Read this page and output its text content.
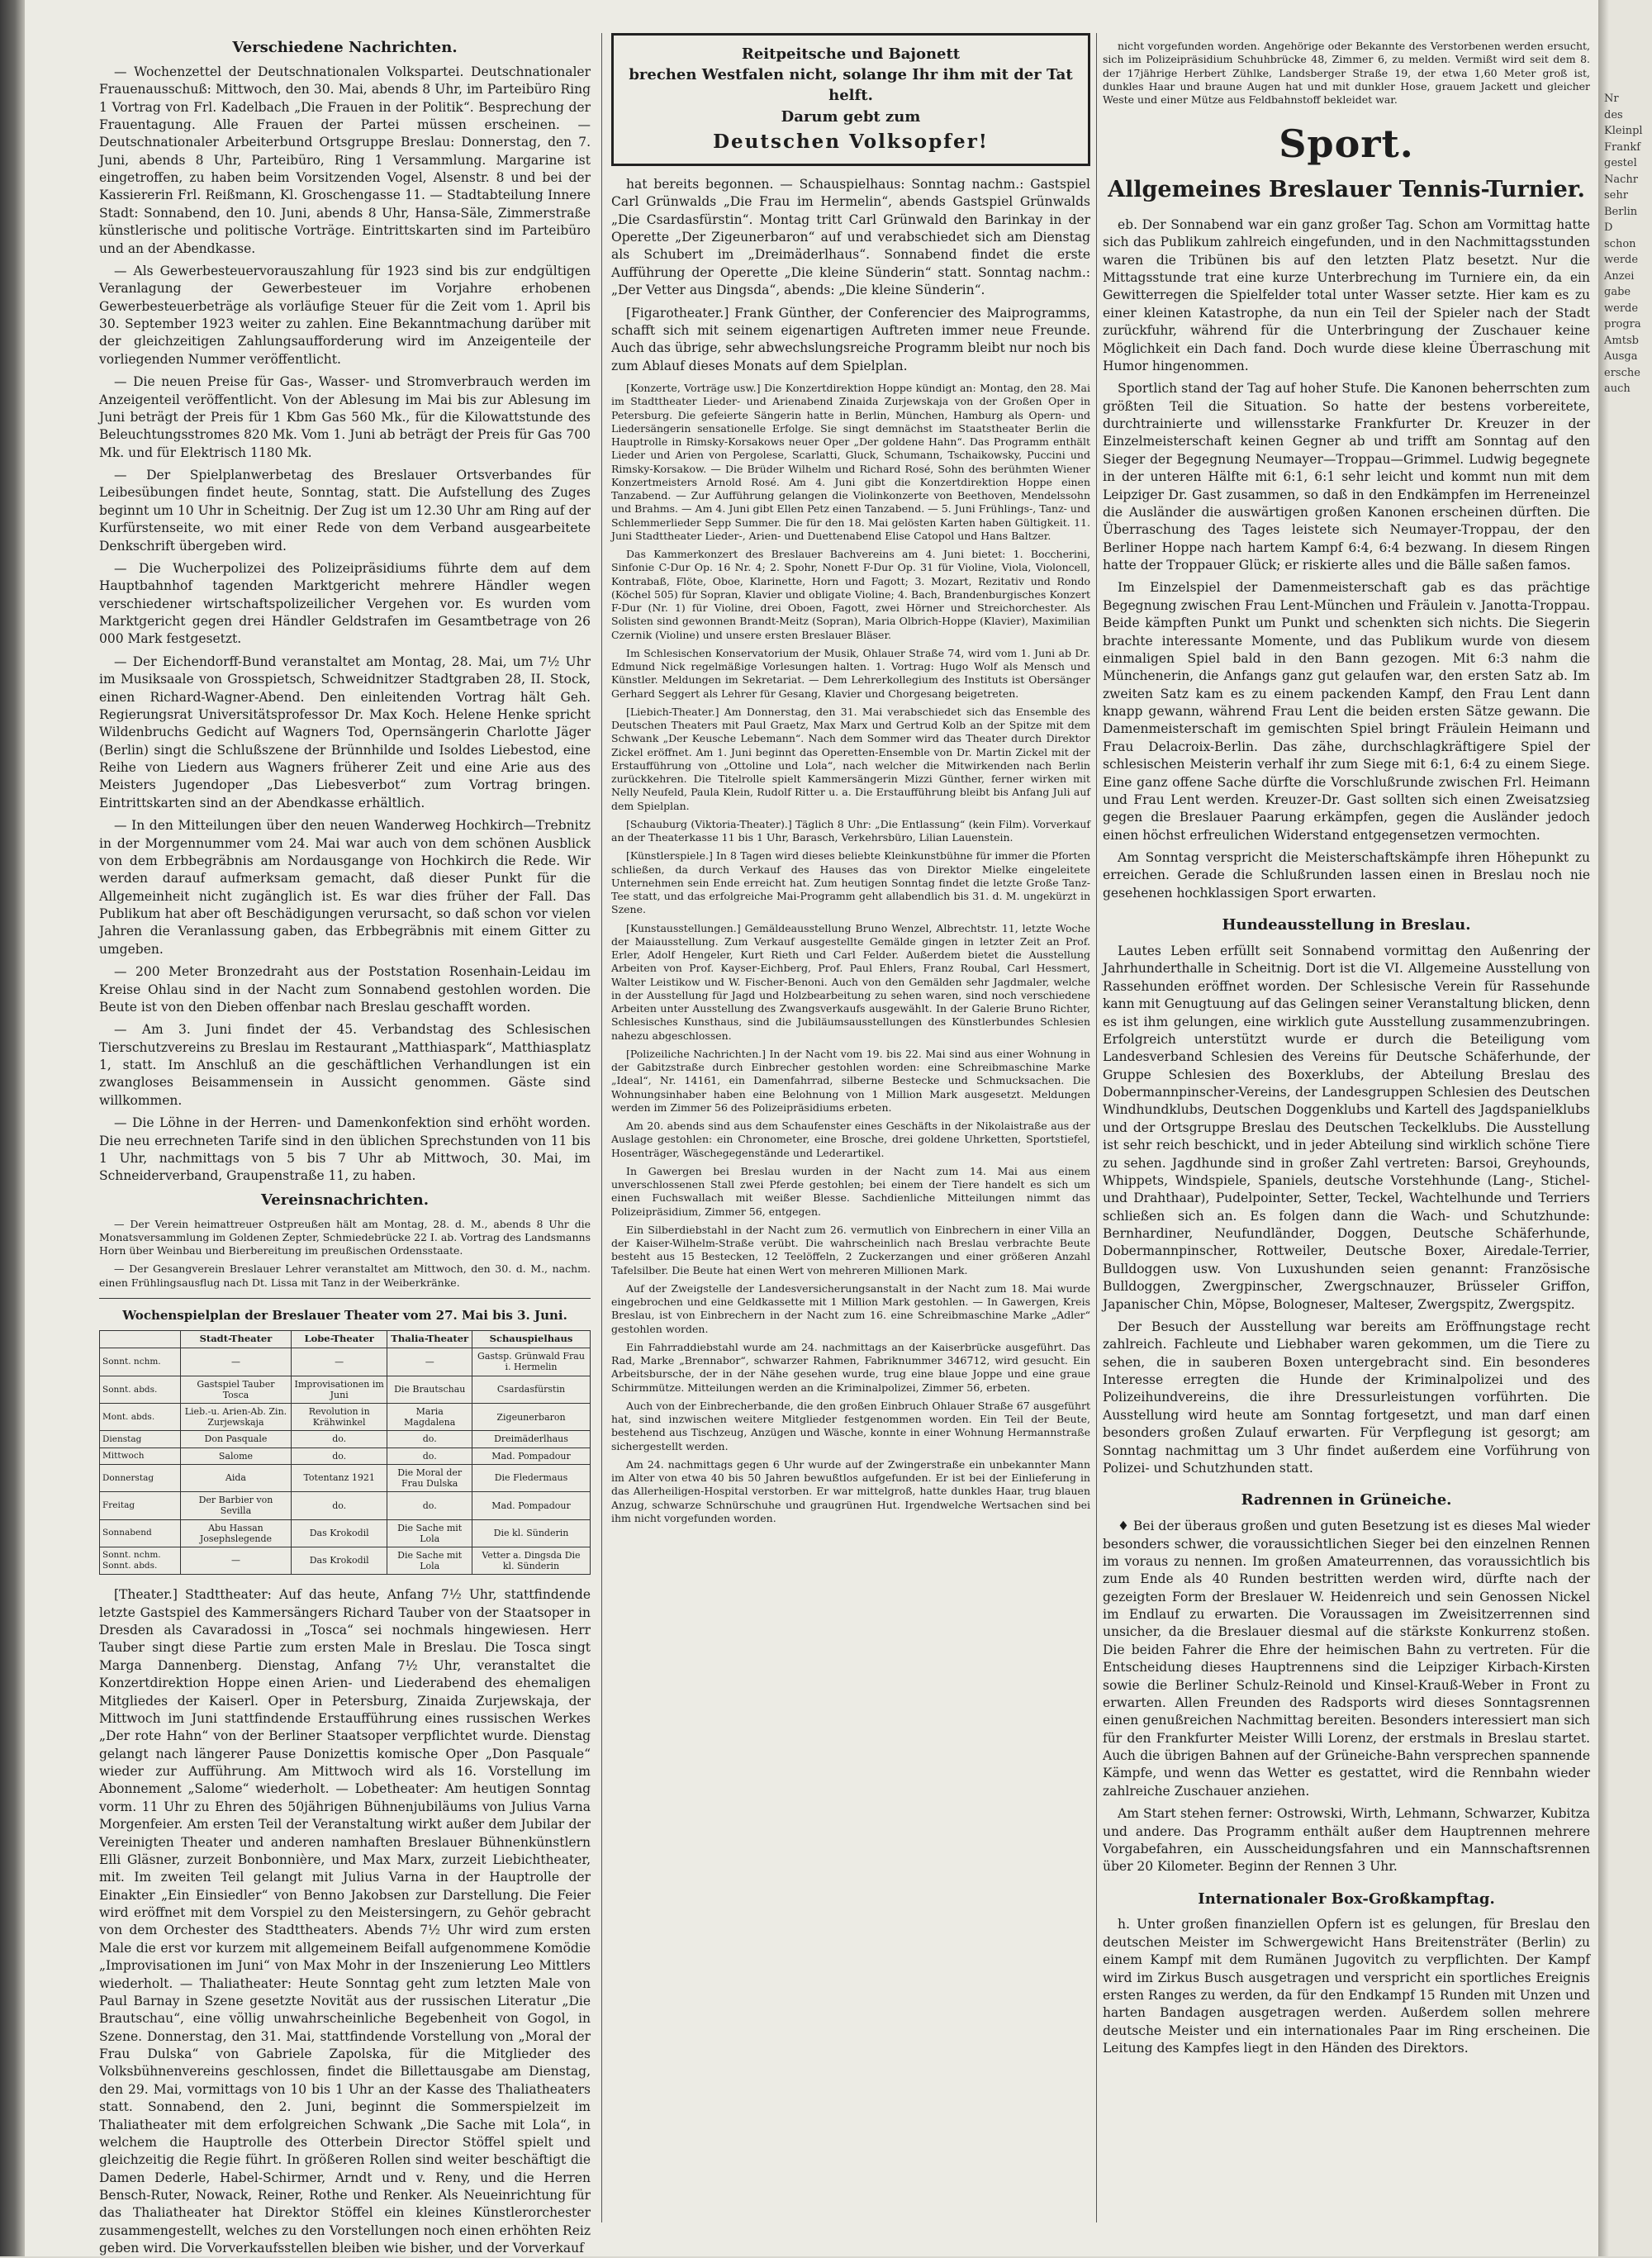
Verschiedene Nachrichten.

— Wochenzettel der Deutschnationalen Volkspartei. Deutschnationaler Frauenausschuß: Mittwoch, den 30. Mai, abends 8 Uhr, im Parteibüro Ring 1 Vortrag von Frl. Kadelbach „Die Frauen in der Politik“. Besprechung der Frauentagung. Alle Frauen der Partei müssen erscheinen. — Deutschnationaler Arbeiterbund Ortsgruppe Breslau: Donnerstag, den 7. Juni, abends 8 Uhr, Parteibüro, Ring 1 Versammlung. Margarine ist eingetroffen, zu haben beim Vorsitzenden Vogel, Alsenstr. 8 und bei der Kassiererin Frl. Reißmann, Kl. Groschengasse 11. — Stadtabteilung Innere Stadt: Sonnabend, den 10. Juni, abends 8 Uhr, Hansa-Säle, Zimmerstraße künstlerische und politische Vorträge. Eintrittskarten sind im Parteibüro und an der Abendkasse.

— Als Gewerbesteuervorauszahlung für 1923 sind bis zur endgültigen Veranlagung der Gewerbesteuer im Vorjahre erhobenen Gewerbesteuerbeträge als vorläufige Steuer für die Zeit vom 1. April bis 30. September 1923 weiter zu zahlen. Eine Bekanntmachung darüber mit der gleichzeitigen Zahlungsaufforderung wird im Anzeigenteile der vorliegenden Nummer veröffentlicht.

— Die neuen Preise für Gas-, Wasser- und Stromverbrauch werden im Anzeigenteil veröffentlicht. Von der Ablesung im Mai bis zur Ablesung im Juni beträgt der Preis für 1 Kbm Gas 560 Mk., für die Kilowattstunde des Beleuchtungsstromes 820 Mk. Vom 1. Juni ab beträgt der Preis für Gas 700 Mk. und für Elektrisch 1180 Mk.

— Der Spielplanwerbetag des Breslauer Ortsverbandes für Leibesübungen findet heute, Sonntag, statt. Die Aufstellung des Zuges beginnt um 10 Uhr in Scheitnig. Der Zug ist um 12.30 Uhr am Ring auf der Kurfürstenseite, wo mit einer Rede von dem Verband ausgearbeitete Denkschrift übergeben wird.

— Die Wucherpolizei des Polizeipräsidiums führte dem auf dem Hauptbahnhof tagenden Marktgericht mehrere Händler wegen verschiedener wirtschaftspolizeilicher Vergehen vor. Es wurden vom Marktgericht gegen drei Händler Geldstrafen im Gesamtbetrage von 26 000 Mark festgesetzt.

— Der Eichendorff-Bund veranstaltet am Montag, 28. Mai, um 7½ Uhr im Musiksaale von Grosspietsch, Schweidnitzer Stadtgraben 28, II. Stock, einen Richard-Wagner-Abend. Den einleitenden Vortrag hält Geh. Regierungsrat Universitätsprofessor Dr. Max Koch. Helene Henke spricht Wildenbruchs Gedicht auf Wagners Tod, Opernsängerin Charlotte Jäger (Berlin) singt die Schlußszene der Brünnhilde und Isoldes Liebestod, eine Reihe von Liedern aus Wagners früherer Zeit und eine Arie aus des Meisters Jugendoper „Das Liebesverbot“ zum Vortrag bringen. Eintrittskarten sind an der Abendkasse erhältlich.

— In den Mitteilungen über den neuen Wanderweg Hochkirch—Trebnitz in der Morgennummer vom 24. Mai war auch von dem schönen Ausblick von dem Erbbegräbnis am Nordausgange von Hochkirch die Rede. Wir werden darauf aufmerksam gemacht, daß dieser Punkt für die Allgemeinheit nicht zugänglich ist. Es war dies früher der Fall. Das Publikum hat aber oft Beschädigungen verursacht, so daß schon vor vielen Jahren die Veranlassung gaben, das Erbbegräbnis mit einem Gitter zu umgeben.

— 200 Meter Bronzedraht aus der Poststation Rosenhain-Leidau im Kreise Ohlau sind in der Nacht zum Sonnabend gestohlen worden. Die Beute ist von den Dieben offenbar nach Breslau geschafft worden.

— Am 3. Juni findet der 45. Verbandstag des Schlesischen Tierschutzvereins zu Breslau im Restaurant „Matthiaspark“, Matthiasplatz 1, statt. Im Anschluß an die geschäftlichen Verhandlungen ist ein zwangloses Beisammensein in Aussicht genommen. Gäste sind willkommen.

— Die Löhne in der Herren- und Damenkonfektion sind erhöht worden. Die neu errechneten Tarife sind in den üblichen Sprechstunden von 11 bis 1 Uhr, nachmittags von 5 bis 7 Uhr ab Mittwoch, 30. Mai, im Schneiderverband, Graupenstraße 11, zu haben.

Vereinsnachrichten.

— Der Verein heimattreuer Ostpreußen hält am Montag, 28. d. M., abends 8 Uhr die Monatsversammlung im Goldenen Zepter, Schmiedebrücke 22 I. ab. Vortrag des Landsmanns Horn über Weinbau und Bierbereitung im preußischen Ordensstaate.

— Der Gesangverein Breslauer Lehrer veranstaltet am Mittwoch, den 30. d. M., nachm. einen Frühlingsausflug nach Dt. Lissa mit Tanz in der Weiberkränke.

Wochenspielplan der Breslauer Theater vom 27. Mai bis 3. Juni.
	Stadt-Theater	Lobe-Theater	Thalia-Theater	Schauspielhaus
Sonnt. nchm.	—	—	—	Gastsp. Grünwald Frau i. Hermelin
Sonnt. abds.	Gastspiel Tauber Tosca	Improvisationen im Juni	Die Brautschau	Csardasfürstin
Mont. abds.	Lieb.-u. Arien-Ab. Zin. Zurjewskaja	Revolution in Krähwinkel	Maria Magdalena	Zigeunerbaron
Dienstag	Don Pasquale	do.	do.	Dreimäderlhaus
Mittwoch	Salome	do.	do.	Mad. Pompadour
Donnerstag	Aida	Totentanz 1921	Die Moral der Frau Dulska	Die Fledermaus
Freitag	Der Barbier von Sevilla	do.	do.	Mad. Pompadour
Sonnabend	Abu Hassan Josephslegende	Das Krokodil	Die Sache mit Lola	Die kl. Sünderin
Sonnt. nchm. Sonnt. abds.	—	Das Krokodil	Die Sache mit Lola	Vetter a. Dingsda Die kl. Sünderin

[Theater.] Stadttheater: Auf das heute, Anfang 7½ Uhr, stattfindende letzte Gastspiel des Kammersängers Richard Tauber von der Staatsoper in Dresden als Cavaradossi in „Tosca“ sei nochmals hingewiesen. Herr Tauber singt diese Partie zum ersten Male in Breslau. Die Tosca singt Marga Dannenberg. Dienstag, Anfang 7½ Uhr, veranstaltet die Konzertdirektion Hoppe einen Arien- und Liederabend des ehemaligen Mitgliedes der Kaiserl. Oper in Petersburg, Zinaida Zurjewskaja, der Mittwoch im Juni stattfindende Erstaufführung eines russischen Werkes „Der rote Hahn“ von der Berliner Staatsoper verpflichtet wurde. Dienstag gelangt nach längerer Pause Donizettis komische Oper „Don Pasquale“ wieder zur Aufführung. Am Mittwoch wird als 16. Vorstellung im Abonnement „Salome“ wiederholt. — Lobetheater: Am heutigen Sonntag vorm. 11 Uhr zu Ehren des 50jährigen Bühnenjubiläums von Julius Varna Morgenfeier. Am ersten Teil der Veranstaltung wirkt außer dem Jubilar der Vereinigten Theater und anderen namhaften Breslauer Bühnenkünstlern Elli Gläsner, zurzeit Bonbonnière, und Max Marx, zurzeit Liebichtheater, mit. Im zweiten Teil gelangt mit Julius Varna in der Hauptrolle der Einakter „Ein Einsiedler“ von Benno Jakobsen zur Darstellung. Die Feier wird eröffnet mit dem Vorspiel zu den Meistersingern, zu Gehör gebracht von dem Orchester des Stadttheaters. Abends 7½ Uhr wird zum ersten Male die erst vor kurzem mit allgemeinem Beifall aufgenommene Komödie „Improvisationen im Juni“ von Max Mohr in der Inszenierung Leo Mittlers wiederholt. — Thaliatheater: Heute Sonntag geht zum letzten Male von Paul Barnay in Szene gesetzte Novität aus der russischen Literatur „Die Brautschau“, eine völlig unwahrscheinliche Begebenheit von Gogol, in Szene. Donnerstag, den 31. Mai, stattfindende Vorstellung von „Moral der Frau Dulska“ von Gabriele Zapolska, für die Mitglieder des Volksbühnenvereins geschlossen, findet die Billettausgabe am Dienstag, den 29. Mai, vormittags von 10 bis 1 Uhr an der Kasse des Thaliatheaters statt. Sonnabend, den 2. Juni, beginnt die Sommerspielzeit im Thaliatheater mit dem erfolgreichen Schwank „Die Sache mit Lola“, in welchem die Hauptrolle des Otterbein Director Stöffel spielt und gleichzeitig die Regie führt. In größeren Rollen sind weiter beschäftigt die Damen Dederle, Habel-Schirmer, Arndt und v. Reny, und die Herren Bensch-Ruter, Nowack, Reiner, Rothe und Renker. Als Neueinrichtung für das Thaliatheater hat Direktor Stöffel ein kleines Künstlerorchester zusammengestellt, welches zu den Vorstellungen noch einen erhöhten Reiz geben wird. Die Vorverkaufsstellen bleiben wie bisher, und der Vorverkauf

Reitpeitsche und Bajonett
brechen Westfalen nicht, solange Ihr ihm mit der Tat helft.
Darum gebt zum
Deutschen Volksopfer!

hat bereits begonnen. — Schauspielhaus: Sonntag nachm.: Gastspiel Carl Grünwalds „Die Frau im Hermelin“, abends Gastspiel Grünwalds „Die Csardasfürstin“. Montag tritt Carl Grünwald den Barinkay in der Operette „Der Zigeunerbaron“ auf und verabschiedet sich am Dienstag als Schubert im „Dreimäderlhaus“. Sonnabend findet die erste Aufführung der Operette „Die kleine Sünderin“ statt. Sonntag nachm.: „Der Vetter aus Dingsda“, abends: „Die kleine Sünderin“.

[Figarotheater.] Frank Günther, der Conferencier des Maiprogramms, schafft sich mit seinem eigenartigen Auftreten immer neue Freunde. Auch das übrige, sehr abwechslungsreiche Programm bleibt nur noch bis zum Ablauf dieses Monats auf dem Spielplan.

[Konzerte, Vorträge usw.] Die Konzertdirektion Hoppe kündigt an: Montag, den 28. Mai im Stadttheater Lieder- und Arienabend Zinaida Zurjewskaja von der Großen Oper in Petersburg. Die gefeierte Sängerin hatte in Berlin, München, Hamburg als Opern- und Liedersängerin sensationelle Erfolge. Sie singt demnächst im Staatstheater Berlin die Hauptrolle in Rimsky-Korsakows neuer Oper „Der goldene Hahn“. Das Programm enthält Lieder und Arien von Pergolese, Scarlatti, Gluck, Schumann, Tschaikowsky, Puccini und Rimsky-Korsakow. — Die Brüder Wilhelm und Richard Rosé, Sohn des berühmten Wiener Konzertmeisters Arnold Rosé. Am 4. Juni gibt die Konzertdirektion Hoppe einen Tanzabend. — Zur Aufführung gelangen die Violinkonzerte von Beethoven, Mendelssohn und Brahms. — Am 4. Juni gibt Ellen Petz einen Tanzabend. — 5. Juni Frühlings-, Tanz- und Schlemmerlieder Sepp Summer. Die für den 18. Mai gelösten Karten haben Gültigkeit. 11. Juni Stadttheater Lieder-, Arien- und Duettenabend Elise Catopol und Hans Baltzer.

Das Kammerkonzert des Breslauer Bachvereins am 4. Juni bietet: 1. Boccherini, Sinfonie C-Dur Op. 16 Nr. 4; 2. Spohr, Nonett F-Dur Op. 31 für Violine, Viola, Violoncell, Kontrabaß, Flöte, Oboe, Klarinette, Horn und Fagott; 3. Mozart, Rezitativ und Rondo (Köchel 505) für Sopran, Klavier und obligate Violine; 4. Bach, Brandenburgisches Konzert F-Dur (Nr. 1) für Violine, drei Oboen, Fagott, zwei Hörner und Streichorchester. Als Solisten sind gewonnen Brandt-Meitz (Sopran), Maria Olbrich-Hoppe (Klavier), Maximilian Czernik (Violine) und unsere ersten Breslauer Bläser.

Im Schlesischen Konservatorium der Musik, Ohlauer Straße 74, wird vom 1. Juni ab Dr. Edmund Nick regelmäßige Vorlesungen halten. 1. Vortrag: Hugo Wolf als Mensch und Künstler. Meldungen im Sekretariat. — Dem Lehrerkollegium des Instituts ist Obersänger Gerhard Seggert als Lehrer für Gesang, Klavier und Chorgesang beigetreten.

[Liebich-Theater.] Am Donnerstag, den 31. Mai verabschiedet sich das Ensemble des Deutschen Theaters mit Paul Graetz, Max Marx und Gertrud Kolb an der Spitze mit dem Schwank „Der Keusche Lebemann“. Nach dem Sommer wird das Theater durch Direktor Zickel eröffnet. Am 1. Juni beginnt das Operetten-Ensemble von Dr. Martin Zickel mit der Erstaufführung von „Ottoline und Lola“, nach welcher die Mitwirkenden nach Berlin zurückkehren. Die Titelrolle spielt Kammersängerin Mizzi Günther, ferner wirken mit Nelly Neufeld, Paula Klein, Rudolf Ritter u. a. Die Erstaufführung bleibt bis Anfang Juli auf dem Spielplan.

[Schauburg (Viktoria-Theater).] Täglich 8 Uhr: „Die Entlassung“ (kein Film). Vorverkauf an der Theaterkasse 11 bis 1 Uhr, Barasch, Verkehrsbüro, Lilian Lauenstein.

[Künstlerspiele.] In 8 Tagen wird dieses beliebte Kleinkunstbühne für immer die Pforten schließen, da durch Verkauf des Hauses das von Direktor Mielke eingeleitete Unternehmen sein Ende erreicht hat. Zum heutigen Sonntag findet die letzte Große Tanz-Tee statt, und das erfolgreiche Mai-Programm geht allabendlich bis 31. d. M. ungekürzt in Szene.

[Kunstausstellungen.] Gemäldeausstellung Bruno Wenzel, Albrechtstr. 11, letzte Woche der Maiausstellung. Zum Verkauf ausgestellte Gemälde gingen in letzter Zeit an Prof. Erler, Adolf Hengeler, Kurt Rieth und Carl Felder. Außerdem bietet die Ausstellung Arbeiten von Prof. Kayser-Eichberg, Prof. Paul Ehlers, Franz Roubal, Carl Hessmert, Walter Leistikow und W. Fischer-Benoni. Auch von den Gemälden sehr Jagdmaler, welche in der Ausstellung für Jagd und Holzbearbeitung zu sehen waren, sind noch verschiedene Arbeiten unter Ausstellung des Zwangsverkaufs ausgewählt. In der Galerie Bruno Richter, Schlesisches Kunsthaus, sind die Jubiläumsausstellungen des Künstlerbundes Schlesien nahezu abgeschlossen.

[Polizeiliche Nachrichten.] In der Nacht vom 19. bis 22. Mai sind aus einer Wohnung in der Gabitzstraße durch Einbrecher gestohlen worden: eine Schreibmaschine Marke „Ideal“, Nr. 14161, ein Damenfahrrad, silberne Bestecke und Schmucksachen. Die Wohnungsinhaber haben eine Belohnung von 1 Million Mark ausgesetzt. Meldungen werden im Zimmer 56 des Polizeipräsidiums erbeten.

Am 20. abends sind aus dem Schaufenster eines Geschäfts in der Nikolaistraße aus der Auslage gestohlen: ein Chronometer, eine Brosche, drei goldene Uhrketten, Sportstiefel, Hosenträger, Wäschegegenstände und Lederartikel.

In Gawergen bei Breslau wurden in der Nacht zum 14. Mai aus einem unverschlossenen Stall zwei Pferde gestohlen; bei einem der Tiere handelt es sich um einen Fuchswallach mit weißer Blesse. Sachdienliche Mitteilungen nimmt das Polizeipräsidium, Zimmer 56, entgegen.

Ein Silberdiebstahl in der Nacht zum 26. vermutlich von Einbrechern in einer Villa an der Kaiser-Wilhelm-Straße verübt. Die wahrscheinlich nach Breslau verbrachte Beute besteht aus 15 Bestecken, 12 Teelöffeln, 2 Zuckerzangen und einer größeren Anzahl Tafelsilber. Die Beute hat einen Wert von mehreren Millionen Mark.

Auf der Zweigstelle der Landesversicherungsanstalt in der Nacht zum 18. Mai wurde eingebrochen und eine Geldkassette mit 1 Million Mark gestohlen. — In Gawergen, Kreis Breslau, ist von Einbrechern in der Nacht zum 16. eine Schreibmaschine Marke „Adler“ gestohlen worden.

Ein Fahrraddiebstahl wurde am 24. nachmittags an der Kaiserbrücke ausgeführt. Das Rad, Marke „Brennabor“, schwarzer Rahmen, Fabriknummer 346712, wird gesucht. Ein Arbeitsbursche, der in der Nähe gesehen wurde, trug eine blaue Joppe und eine graue Schirmmütze. Mitteilungen werden an die Kriminalpolizei, Zimmer 56, erbeten.

Auch von der Einbrecherbande, die den großen Einbruch Ohlauer Straße 67 ausgeführt hat, sind inzwischen weitere Mitglieder festgenommen worden. Ein Teil der Beute, bestehend aus Tischzeug, Anzügen und Wäsche, konnte in einer Wohnung Hermannstraße sichergestellt werden.

Am 24. nachmittags gegen 6 Uhr wurde auf der Zwingerstraße ein unbekannter Mann im Alter von etwa 40 bis 50 Jahren bewußtlos aufgefunden. Er ist bei der Einlieferung in das Allerheiligen-Hospital verstorben. Er war mittelgroß, hatte dunkles Haar, trug blauen Anzug, schwarze Schnürschuhe und graugrünen Hut. Irgendwelche Wertsachen sind bei ihm nicht vorgefunden worden.

nicht vorgefunden worden. Angehörige oder Bekannte des Verstorbenen werden ersucht, sich im Polizeipräsidium Schuhbrücke 48, Zimmer 6, zu melden. Vermißt wird seit dem 8. der 17jährige Herbert Zühlke, Landsberger Straße 19, der etwa 1,60 Meter groß ist, dunkles Haar und braune Augen hat und mit dunkler Hose, grauem Jackett und gleicher Weste und einer Mütze aus Feldbahnstoff bekleidet war.

Sport.
Allgemeines Breslauer Tennis-Turnier.

eb. Der Sonnabend war ein ganz großer Tag. Schon am Vormittag hatte sich das Publikum zahlreich eingefunden, und in den Nachmittagsstunden waren die Tribünen bis auf den letzten Platz besetzt. Nur die Mittagsstunde trat eine kurze Unterbrechung im Turniere ein, da ein Gewitterregen die Spielfelder total unter Wasser setzte. Hier kam es zu einer kleinen Katastrophe, da nun ein Teil der Spieler nach der Stadt zurückfuhr, während für die Unterbringung der Zuschauer keine Möglichkeit ein Dach fand. Doch wurde diese kleine Überraschung mit Humor hingenommen.

Sportlich stand der Tag auf hoher Stufe. Die Kanonen beherrschten zum größten Teil die Situation. So hatte der bestens vorbereitete, durchtrainierte und willensstarke Frankfurter Dr. Kreuzer in der Einzelmeisterschaft keinen Gegner ab und trifft am Sonntag auf den Sieger der Begegnung Neumayer—Troppau—Grimmel. Ludwig begegnete in der unteren Hälfte mit 6:1, 6:1 sehr leicht und kommt nun mit dem Leipziger Dr. Gast zusammen, so daß in den Endkämpfen im Herreneinzel die Ausländer die auswärtigen großen Kanonen erscheinen dürften. Die Überraschung des Tages leistete sich Neumayer-Troppau, der den Berliner Hoppe nach hartem Kampf 6:4, 6:4 bezwang. In diesem Ringen hatte der Troppauer Glück; er riskierte alles und die Bälle saßen famos.

Im Einzelspiel der Damenmeisterschaft gab es das prächtige Begegnung zwischen Frau Lent-München und Fräulein v. Janotta-Troppau. Beide kämpften Punkt um Punkt und schenkten sich nichts. Die Siegerin brachte interessante Momente, und das Publikum wurde von diesem einmaligen Spiel bald in den Bann gezogen. Mit 6:3 nahm die Münchenerin, die Anfangs ganz gut gelaufen war, den ersten Satz ab. Im zweiten Satz kam es zu einem packenden Kampf, den Frau Lent dann knapp gewann, während Frau Lent die beiden ersten Sätze gewann. Die Damenmeisterschaft im gemischten Spiel bringt Fräulein Heimann und Frau Delacroix-Berlin. Das zähe, durchschlagkräftigere Spiel der schlesischen Meisterin verhalf ihr zum Siege mit 6:1, 6:4 zu einem Siege. Eine ganz offene Sache dürfte die Vorschlußrunde zwischen Frl. Heimann und Frau Lent werden. Kreuzer-Dr. Gast sollten sich einen Zweisatzsieg gegen die Breslauer Paarung erkämpfen, gegen die Ausländer jedoch einen höchst erfreulichen Widerstand entgegensetzen vermochten.

Am Sonntag verspricht die Meisterschaftskämpfe ihren Höhepunkt zu erreichen. Gerade die Schlußrunden lassen einen in Breslau noch nie gesehenen hochklassigen Sport erwarten.

Hundeausstellung in Breslau.

Lautes Leben erfüllt seit Sonnabend vormittag den Außenring der Jahrhunderthalle in Scheitnig. Dort ist die VI. Allgemeine Ausstellung von Rassehunden eröffnet worden. Der Schlesische Verein für Rassehunde kann mit Genugtuung auf das Gelingen seiner Veranstaltung blicken, denn es ist ihm gelungen, eine wirklich gute Ausstellung zusammenzubringen. Erfolgreich unterstützt wurde er durch die Beteiligung vom Landesverband Schlesien des Vereins für Deutsche Schäferhunde, der Gruppe Schlesien des Boxerklubs, der Abteilung Breslau des Dobermannpinscher-Vereins, der Landesgruppen Schlesien des Deutschen Windhundklubs, Deutschen Doggenklubs und Kartell des Jagdspanielklubs und der Ortsgruppe Breslau des Deutschen Teckelklubs. Die Ausstellung ist sehr reich beschickt, und in jeder Abteilung sind wirklich schöne Tiere zu sehen. Jagdhunde sind in großer Zahl vertreten: Barsoi, Greyhounds, Whippets, Windspiele, Spaniels, deutsche Vorstehhunde (Lang-, Stichel- und Drahthaar), Pudelpointer, Setter, Teckel, Wachtelhunde und Terriers schließen sich an. Es folgen dann die Wach- und Schutzhunde: Bernhardiner, Neufundländer, Doggen, Deutsche Schäferhunde, Dobermannpinscher, Rottweiler, Deutsche Boxer, Airedale-Terrier, Bulldoggen usw. Von Luxushunden seien genannt: Französische Bulldoggen, Zwergpinscher, Zwergschnauzer, Brüsseler Griffon, Japanischer Chin, Möpse, Bologneser, Malteser, Zwergspitz, Zwergspitz.

Der Besuch der Ausstellung war bereits am Eröffnungstage recht zahlreich. Fachleute und Liebhaber waren gekommen, um die Tiere zu sehen, die in sauberen Boxen untergebracht sind. Ein besonderes Interesse erregten die Hunde der Kriminalpolizei und des Polizeihundvereins, die ihre Dressurleistungen vorführten. Die Ausstellung wird heute am Sonntag fortgesetzt, und man darf einen besonders großen Zulauf erwarten. Für Verpflegung ist gesorgt; am Sonntag nachmittag um 3 Uhr findet außerdem eine Vorführung von Polizei- und Schutzhunden statt.

Radrennen in Grüneiche.

♦ Bei der überaus großen und guten Besetzung ist es dieses Mal wieder besonders schwer, die voraussichtlichen Sieger bei den einzelnen Rennen im voraus zu nennen. Im großen Amateurrennen, das voraussichtlich bis zum Ende als 40 Runden bestritten werden wird, dürfte nach der gezeigten Form der Breslauer W. Heidenreich und sein Genossen Nickel im Endlauf zu erwarten. Die Voraussagen im Zweisitzerrennen sind unsicher, da die Breslauer diesmal auf die stärkste Konkurrenz stoßen. Die beiden Fahrer die Ehre der heimischen Bahn zu vertreten. Für die Entscheidung dieses Hauptrennens sind die Leipziger Kirbach-Kirsten sowie die Berliner Schulz-Reinold und Kinsel-Krauß-Weber in Front zu erwarten. Allen Freunden des Radsports wird dieses Sonntagsrennen einen genußreichen Nachmittag bereiten. Besonders interessiert man sich für den Frankfurter Meister Willi Lorenz, der erstmals in Breslau startet. Auch die übrigen Bahnen auf der Grüneiche-Bahn versprechen spannende Kämpfe, und wenn das Wetter es gestattet, wird die Rennbahn wieder zahlreiche Zuschauer anziehen.

Am Start stehen ferner: Ostrowski, Wirth, Lehmann, Schwarzer, Kubitza und andere. Das Programm enthält außer dem Hauptrennen mehrere Vorgabefahren, ein Ausscheidungsfahren und ein Mannschaftsrennen über 20 Kilometer. Beginn der Rennen 3 Uhr.

Internationaler Box-Großkampftag.

h. Unter großen finanziellen Opfern ist es gelungen, für Breslau den deutschen Meister im Schwergewicht Hans Breitensträter (Berlin) zu einem Kampf mit dem Rumänen Jugovitch zu verpflichten. Der Kampf wird im Zirkus Busch ausgetragen und verspricht ein sportliches Ereignis ersten Ranges zu werden, da für den Endkampf 15 Runden mit Unzen und harten Bandagen ausgetragen werden. Außerdem sollen mehrere deutsche Meister und ein internationales Paar im Ring erscheinen. Die Leitung des Kampfes liegt in den Händen des Direktors.

Nr
des
Kleinpl
Frankf
gestel
Nachr
sehr
Berlin
D
schon
werde
Anzei
gabe
werde
progra
Amtsb
Ausga
ersche
auch
